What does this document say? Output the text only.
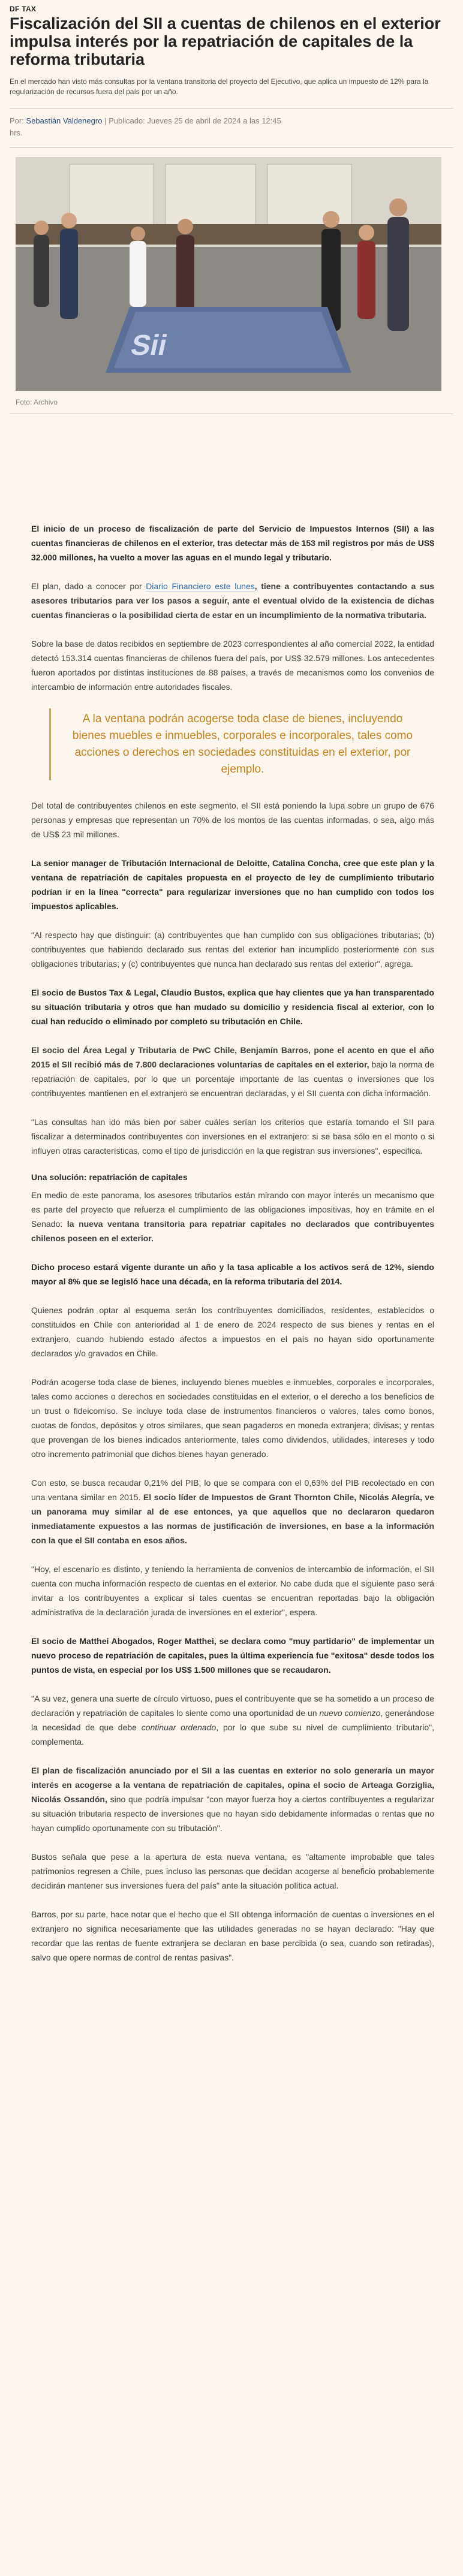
DF TAX
Fiscalización del SII a cuentas de chilenos en el exterior impulsa interés por la repatriación de capitales de la reforma tributaria
En el mercado han visto más consultas por la ventana transitoria del proyecto del Ejecutivo, que aplica un impuesto de 12% para la regularización de recursos fuera del país por un año.
Por: Sebastián Valdenegro | Publicado: Jueves 25 de abril de 2024 a las 12:45 hrs.
Sii
Foto: Archivo

El inicio de un proceso de fiscalización de parte del Servicio de Impuestos Internos (SII) a las cuentas financieras de chilenos en el exterior, tras detectar más de 153 mil registros por más de US$ 32.000 millones, ha vuelto a mover las aguas en el mundo legal y tributario.

El plan, dado a conocer por Diario Financiero este lunes, tiene a contribuyentes contactando a sus asesores tributarios para ver los pasos a seguir, ante el eventual olvido de la existencia de dichas cuentas financieras o la posibilidad cierta de estar en un incumplimiento de la normativa tributaria.

Sobre la base de datos recibidos en septiembre de 2023 correspondientes al año comercial 2022, la entidad detectó 153.314 cuentas financieras de chilenos fuera del país, por US$ 32.579 millones. Los antecedentes fueron aportados por distintas instituciones de 88 países, a través de mecanismos como los convenios de intercambio de información entre autoridades fiscales.

A la ventana podrán acogerse toda clase de bienes, incluyendo bienes muebles e inmuebles, corporales e incorporales, tales como acciones o derechos en sociedades constituidas en el exterior, por ejemplo.

Del total de contribuyentes chilenos en este segmento, el SII está poniendo la lupa sobre un grupo de 676 personas y empresas que representan un 70% de los montos de las cuentas informadas, o sea, algo más de US$ 23 mil millones.

La senior manager de Tributación Internacional de Deloitte, Catalina Concha, cree que este plan y la ventana de repatriación de capitales propuesta en el proyecto de ley de cumplimiento tributario podrían ir en la línea "correcta" para regularizar inversiones que no han cumplido con todos los impuestos aplicables.

"Al respecto hay que distinguir: (a) contribuyentes que han cumplido con sus obligaciones tributarias; (b) contribuyentes que habiendo declarado sus rentas del exterior han incumplido posteriormente con sus obligaciones tributarias; y (c) contribuyentes que nunca han declarado sus rentas del exterior", agrega.

El socio de Bustos Tax & Legal, Claudio Bustos, explica que hay clientes que ya han transparentado su situación tributaria y otros que han mudado su domicilio y residencia fiscal al exterior, con lo cual han reducido o eliminado por completo su tributación en Chile.

El socio del Área Legal y Tributaria de PwC Chile, Benjamín Barros, pone el acento en que el año 2015 el SII recibió más de 7.800 declaraciones voluntarias de capitales en el exterior, bajo la norma de repatriación de capitales, por lo que un porcentaje importante de las cuentas o inversiones que los contribuyentes mantienen en el extranjero se encuentran declaradas, y el SII cuenta con dicha información.

"Las consultas han ido más bien por saber cuáles serían los criterios que estaría tomando el SII para fiscalizar a determinados contribuyentes con inversiones en el extranjero: si se basa sólo en el monto o si influyen otras características, como el tipo de jurisdicción en la que registran sus inversiones", especifica.

Una solución: repatriación de capitales

En medio de este panorama, los asesores tributarios están mirando con mayor interés un mecanismo que es parte del proyecto que refuerza el cumplimiento de las obligaciones impositivas, hoy en trámite en el Senado: la nueva ventana transitoria para repatriar capitales no declarados que contribuyentes chilenos poseen en el exterior.

Dicho proceso estará vigente durante un año y la tasa aplicable a los activos será de 12%, siendo mayor al 8% que se legisló hace una década, en la reforma tributaria del 2014.

Quienes podrán optar al esquema serán los contribuyentes domiciliados, residentes, establecidos o constituidos en Chile con anterioridad al 1 de enero de 2024 respecto de sus bienes y rentas en el extranjero, cuando hubiendo estado afectos a impuestos en el país no hayan sido oportunamente declarados y/o gravados en Chile.

Podrán acogerse toda clase de bienes, incluyendo bienes muebles e inmuebles, corporales e incorporales, tales como acciones o derechos en sociedades constituidas en el exterior, o el derecho a los beneficios de un trust o fideicomiso. Se incluye toda clase de instrumentos financieros o valores, tales como bonos, cuotas de fondos, depósitos y otros similares, que sean pagaderos en moneda extranjera; divisas; y rentas que provengan de los bienes indicados anteriormente, tales como dividendos, utilidades, intereses y todo otro incremento patrimonial que dichos bienes hayan generado.

Con esto, se busca recaudar 0,21% del PIB, lo que se compara con el 0,63% del PIB recolectado en con una ventana similar en 2015. El socio líder de Impuestos de Grant Thornton Chile, Nicolás Alegría, ve un panorama muy similar al de ese entonces, ya que aquellos que no declararon quedaron inmediatamente expuestos a las normas de justificación de inversiones, en base a la información con la que el SII contaba en esos años.

"Hoy, el escenario es distinto, y teniendo la herramienta de convenios de intercambio de información, el SII cuenta con mucha información respecto de cuentas en el exterior. No cabe duda que el siguiente paso será invitar a los contribuyentes a explicar si tales cuentas se encuentran reportadas bajo la obligación administrativa de la declaración jurada de inversiones en el exterior", espera.

El socio de Matthei Abogados, Roger Matthei, se declara como "muy partidario" de implementar un nuevo proceso de repatriación de capitales, pues la última experiencia fue "exitosa" desde todos los puntos de vista, en especial por los US$ 1.500 millones que se recaudaron.

"A su vez, genera una suerte de círculo virtuoso, pues el contribuyente que se ha sometido a un proceso de declaración y repatriación de capitales lo siente como una oportunidad de un nuevo comienzo, generándose la necesidad de que debe continuar ordenado, por lo que sube su nivel de cumplimiento tributario", complementa.

El plan de fiscalización anunciado por el SII a las cuentas en exterior no solo generaría un mayor interés en acogerse a la ventana de repatriación de capitales, opina el socio de Arteaga Gorziglia, Nicolás Ossandón, sino que podría impulsar "con mayor fuerza hoy a ciertos contribuyentes a regularizar su situación tributaria respecto de inversiones que no hayan sido debidamente informadas o rentas que no hayan cumplido oportunamente con su tributación".

Bustos señala que pese a la apertura de esta nueva ventana, es "altamente improbable que tales patrimonios regresen a Chile, pues incluso las personas que decidan acogerse al beneficio probablemente decidirán mantener sus inversiones fuera del país" ante la situación política actual.

Barros, por su parte, hace notar que el hecho que el SII obtenga información de cuentas o inversiones en el extranjero no significa necesariamente que las utilidades generadas no se hayan declarado: "Hay que recordar que las rentas de fuente extranjera se declaran en base percibida (o sea, cuando son retiradas), salvo que opere normas de control de rentas pasivas".
